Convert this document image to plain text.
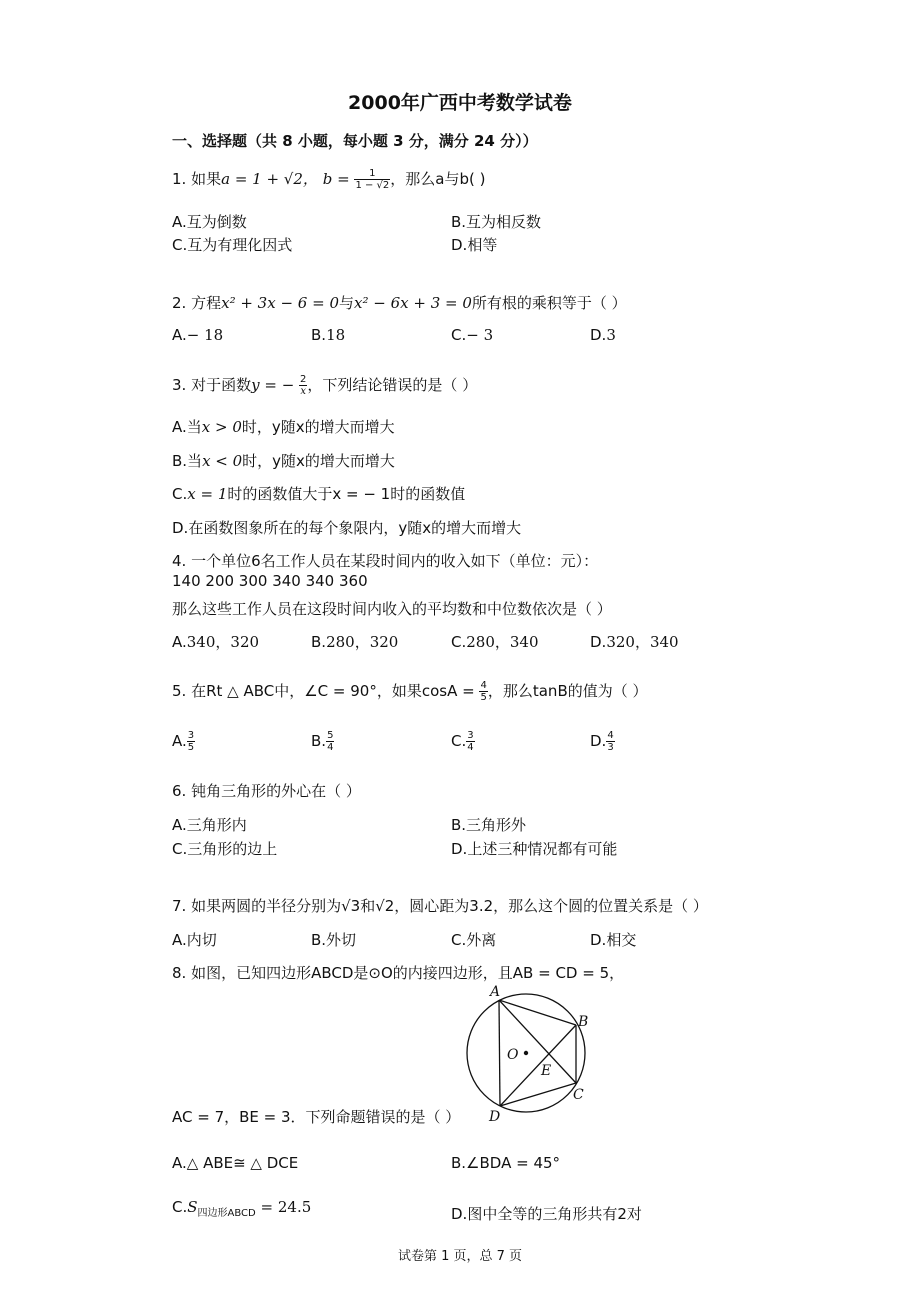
2000年广西中考数学试卷
一、选择题（共 8 小题，每小题 3 分，满分 24 分））
1. 如果a = 1 + √2， $b = \frac{1}{1 - √2}$ ，那么a与b( )
A.互为倒数	B.互为相反数
C.互为有理化因式	D.相等
2. 方程x² + 3x − 6 = 0与x² − 6x + 3 = 0所有根的乘积等于（ ）
A.− 18	B.18	C.− 3	D.3
3. 对于函数y = − $\frac{2}{x}$ ，下列结论错误的是（ ）
A.当x > 0时，y随x的增大而增大
B.当x < 0时，y随x的增大而增大
C.x = 1时的函数值大于x = − 1时的函数值
D.在函数图象所在的每个象限内，y随x的增大而增大
4. 一个单位6名工作人员在某段时间内的收入如下（单位：元）：
140 200 300 340 340 360
那么这些工作人员在这段时间内收入的平均数和中位数依次是（ ）
A.340，320	B.280，320	C.280，340	D.320，340
5. 在Rt △ ABC中，∠C = 90°，如果$\cos A = \frac{4}{5}$ ，那么tanB的值为（ ）
A. $\frac{3}{5}$	B. $\frac{5}{4}$	C. $\frac{3}{4}$	D. $\frac{4}{3}$
6. 钝角三角形的外心在（ ）
A.三角形内	B.三角形外
C.三角形的边上	D.上述三种情况都有可能
7. 如果两圆的半径分别为√3和√2，圆心距为3.2，那么这个圆的位置关系是（ ）
A.内切	B.外切	C.外离	D.相交
8. 如图，已知四边形ABCD是⊙O的内接四边形，且AB = CD = 5，
A
B
C
D
O
E
AC = 7，BE = 3．下列命题错误的是（ ）
A.△ ABE≅ △ DCE	B.∠BDA = 45°
$C.S_{四边形ABCD} = 24.5$	D.图中全等的三角形共有2对
试卷第 1 页，总 7 页
